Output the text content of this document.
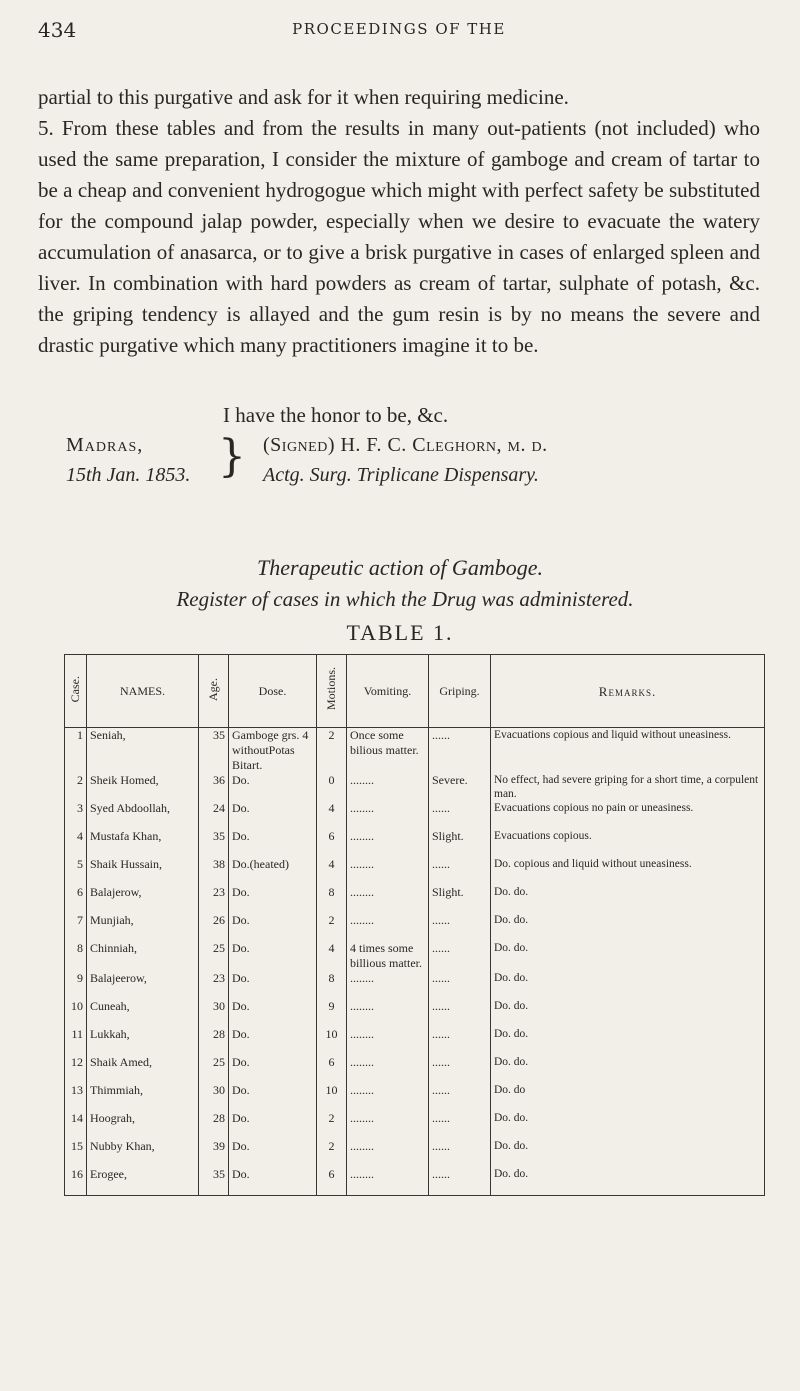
434	PROCEEDINGS OF THE

partial to this purgative and ask for it when requiring medicine.

5. From these tables and from the results in many out-patients (not included) who used the same preparation, I consider the mixture of gamboge and cream of tartar to be a cheap and convenient hydrogogue which might with perfect safety be substituted for the compound jalap powder, especially when we desire to evacuate the watery accumulation of anasarca, or to give a brisk purgative in cases of enlarged spleen and liver. In combination with hard powders as cream of tartar, sulphate of potash, &c. the griping tendency is allayed and the gum resin is by no means the severe and drastic purgative which many practitioners imagine it to be.

I have the honor to be, &c.
Madras,
15th Jan. 1853. } (Signed) H. F. C. Cleghorn, m. d.
Actg. Surg. Triplicane Dispensary.
Therapeutic action of Gamboge.
Register of cases in which the Drug was administered.
TABLE 1.
Case.	NAMES.	Age.	Dose.	Motions.	Vomiting.	Griping.	Remarks.
1	Seniah,	35	Gamboge grs. 4 withoutPotas Bitart.	2	Once some bilious matter.	......	Evacuations copious and liquid without uneasiness.
2	Sheik Homed,	36	Do.	0	........	Severe.	No effect, had severe griping for a short time, a corpulent man.
3	Syed Abdoollah,	24	Do.	4	........	......	Evacuations copious no pain or uneasiness.
4	Mustafa Khan,	35	Do.	6	........	Slight.	Evacuations copious.
5	Shaik Hussain,	38	Do.(heated)	4	........	......	Do. copious and liquid without uneasiness.
6	Balajerow,	23	Do.	8	........	Slight.	Do. do.
7	Munjiah,	26	Do.	2	........	......	Do. do.
8	Chinniah,	25	Do.	4	4 times some billious matter.	......	Do. do.
9	Balajeerow,	23	Do.	8	........	......	Do. do.
10	Cuneah,	30	Do.	9	........	......	Do. do.
11	Lukkah,	28	Do.	10	........	......	Do. do.
12	Shaik Amed,	25	Do.	6	........	......	Do. do.
13	Thimmiah,	30	Do.	10	........	......	Do. do
14	Hoograh,	28	Do.	2	........	......	Do. do.
15	Nubby Khan,	39	Do.	2	........	......	Do. do.
16	Erogee,	35	Do.	6	........	......	Do. do.
